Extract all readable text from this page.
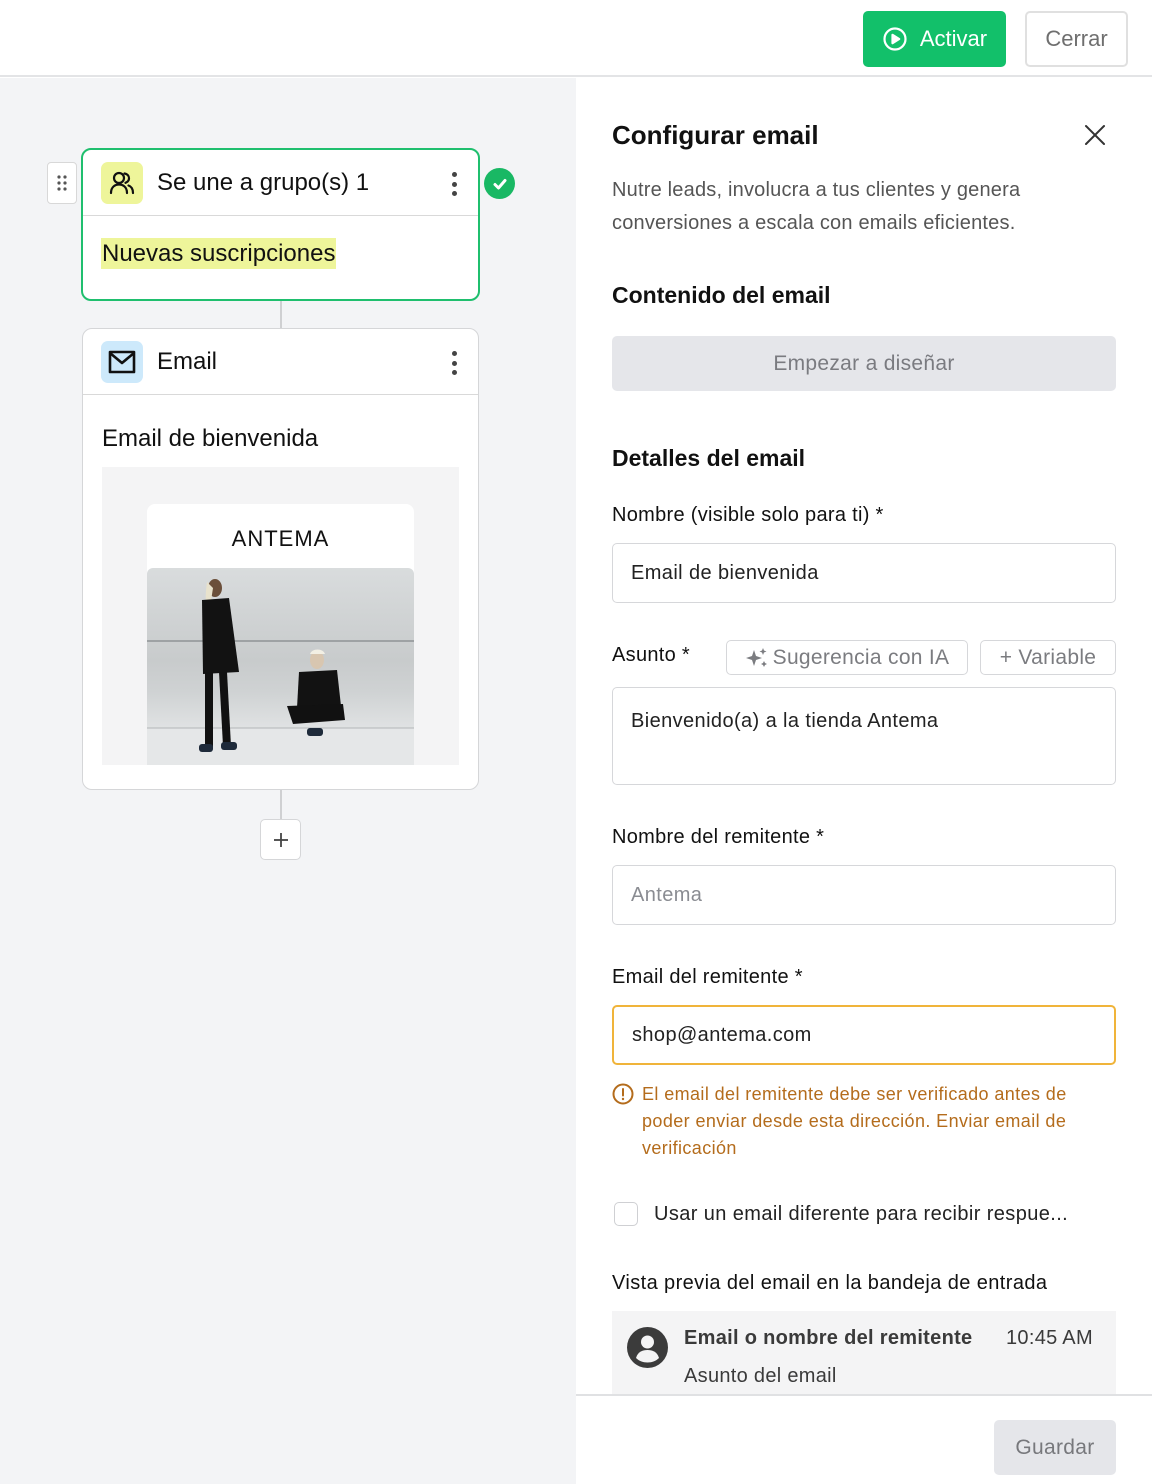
Activar	Cerrar
Se une a grupo(s) 1
Nuevas suscripciones
Email
Email de bienvenida
ANTEMA
Configurar email
Nutre leads, involucra a tus clientes y genera conversiones a escala con emails eficientes.
Contenido del email
Empezar a diseñar
Detalles del email
Nombre (visible solo para ti) *
Email de bienvenida
Asunto *	Sugerencia con IA + Variable
Bienvenido(a) a la tienda Antema
Nombre del remitente *
Antema
Email del remitente *
shop@antema.com
El email del remitente debe ser verificado antes de poder enviar desde esta dirección. Enviar email de verificación
Usar un email diferente para recibir respue...
Vista previa del email en la bandeja de entrada
Email o nombre del remitente 10:45 AM
Asunto del email
Guardar
